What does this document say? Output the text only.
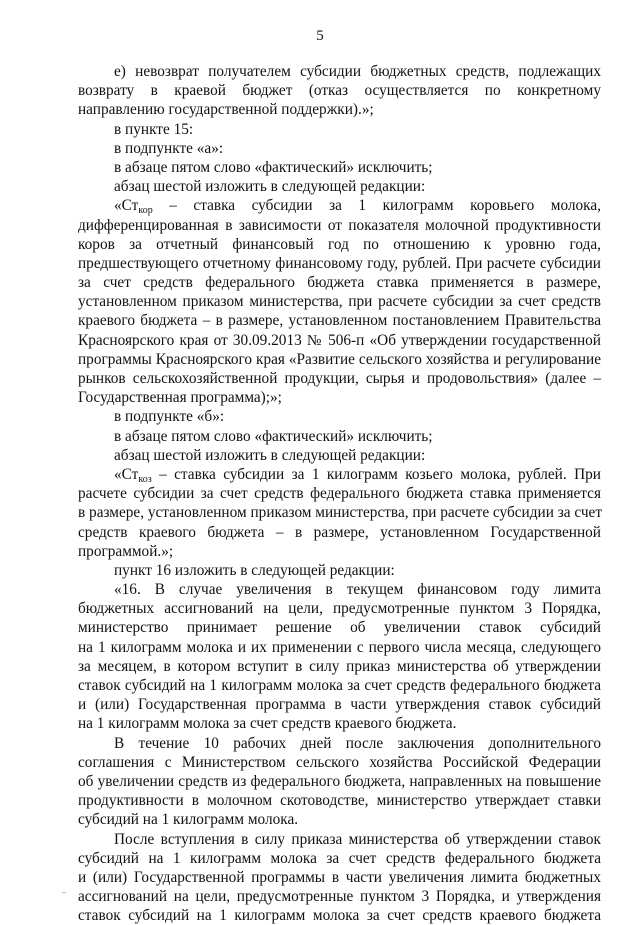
5
е) невозврат получателем субсидии бюджетных средств, подлежащих
возврату в краевой бюджет (отказ осуществляется по конкретному
направлению государственной поддержки).»;
в пункте 15:
в подпункте «а»:
в абзаце пятом слово «фактический» исключить;
абзац шестой изложить в следующей редакции:
«$Ст_{кор}$ – ставка субсидии за 1 килограмм коровьего молока,
дифференцированная в зависимости от показателя молочной продуктивности
коров за отчетный финансовый год по отношению к уровню года,
предшествующего отчетному финансовому году, рублей. При расчете субсидии
за счет средств федерального бюджета ставка применяется в размере,
установленном приказом министерства, при расчете субсидии за счет средств
краевого бюджета – в размере, установленном постановлением Правительства
Красноярского края от 30.09.2013 № 506-п «Об утверждении государственной
программы Красноярского края «Развитие сельского хозяйства и регулирование
рынков сельскохозяйственной продукции, сырья и продовольствия» (далее –
Государственная программа);»;
в подпункте «б»:
в абзаце пятом слово «фактический» исключить;
абзац шестой изложить в следующей редакции:
«$Ст_{коз}$ – ставка субсидии за 1 килограмм козьего молока, рублей. При
расчете субсидии за счет средств федерального бюджета ставка применяется
в размере, установленном приказом министерства, при расчете субсидии за счет
средств краевого бюджета – в размере, установленном Государственной
программой.»;
пункт 16 изложить в следующей редакции:
«16. В случае увеличения в текущем финансовом году лимита
бюджетных ассигнований на цели, предусмотренные пунктом 3 Порядка,
министерство принимает решение об увеличении ставок субсидий
на 1 килограмм молока и их применении с первого числа месяца, следующего
за месяцем, в котором вступит в силу приказ министерства об утверждении
ставок субсидий на 1 килограмм молока за счет средств федерального бюджета
и (или) Государственная программа в части утверждения ставок субсидий
на 1 килограмм молока за счет средств краевого бюджета.
В течение 10 рабочих дней после заключения дополнительного
соглашения с Министерством сельского хозяйства Российской Федерации
об увеличении средств из федерального бюджета, направленных на повышение
продуктивности в молочном скотоводстве, министерство утверждает ставки
субсидий на 1 килограмм молока.
После вступления в силу приказа министерства об утверждении ставок
субсидий на 1 килограмм молока за счет средств федерального бюджета
и (или) Государственной программы в части увеличения лимита бюджетных
ассигнований на цели, предусмотренные пунктом 3 Порядка, и утверждения
ставок субсидий на 1 килограмм молока за счет средств краевого бюджета
